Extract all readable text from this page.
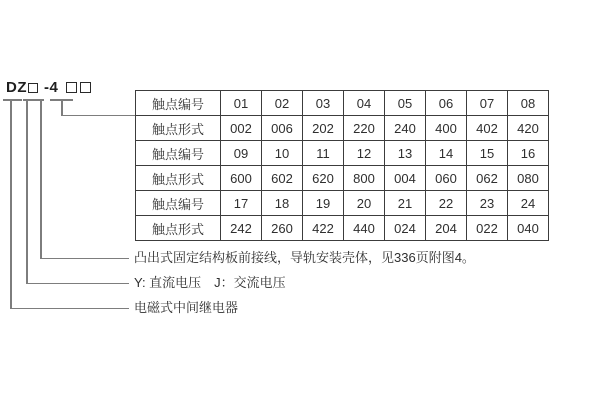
DZ -4
触点编号	01	02	03	04	05	06	07	08
触点形式	002	006	202	220	240	400	402	420
触点编号	09	10	11	12	13	14	15	16
触点形式	600	602	620	800	004	060	062	080
触点编号	17	18	19	20	21	22	23	24
触点形式	242	260	422	440	024	204	022	040
凸出式固定结构板前接线，导轨安装壳体，见336页附图4。
Y: 直流电压　J：交流电压
电磁式中间继电器
